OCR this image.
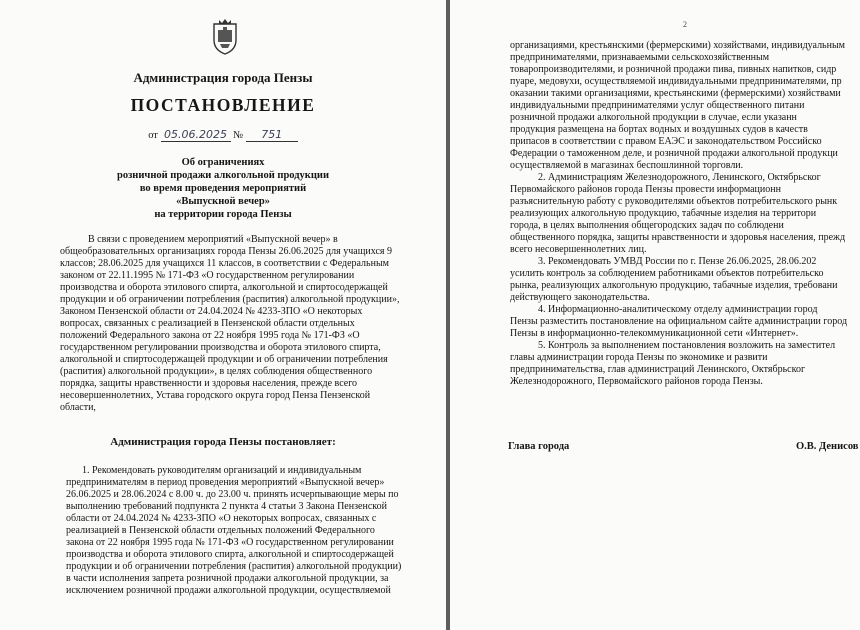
Администрация города Пензы
ПОСТАНОВЛЕНИЕ
от 05.06.2025 № 751
Об ограничениях
розничной продажи алкогольной продукции
во время проведения мероприятий
«Выпускной вечер»
на территории города Пензы
В связи с проведением мероприятий «Выпускной вечер» в
общеобразовательных организациях города Пензы 26.06.2025 для учащихся 9
классов; 28.06.2025 для учащихся 11 классов, в соответствии с Федеральным
законом от 22.11.1995 № 171-ФЗ «О государственном регулировании
производства и оборота этилового спирта, алкогольной и спиртосодержащей
продукции и об ограничении потребления (распития) алкогольной продукции»,
Законом Пензенской области от 24.04.2024 № 4233-ЗПО «О некоторых
вопросах, связанных с реализацией в Пензенской области отдельных
положений Федерального закона от 22 ноября 1995 года № 171-ФЗ «О
государственном регулировании производства и оборота этилового спирта,
алкогольной и спиртосодержащей продукции и об ограничении потребления
(распития) алкогольной продукции», в целях соблюдения общественного
порядка, защиты нравственности и здоровья населения, прежде всего
несовершеннолетних, Устава городского округа город Пенза Пензенской
области,
Администрация города Пензы постановляет:
1. Рекомендовать руководителям организаций и индивидуальным
предпринимателям в период проведения мероприятий «Выпускной вечер»
26.06.2025 и 28.06.2024 с 8.00 ч. до 23.00 ч. принять исчерпывающие меры по
выполнению требований подпункта 2 пункта 4 статьи 3 Закона Пензенской
области от 24.04.2024 № 4233-ЗПО «О некоторых вопросах, связанных с
реализацией в Пензенской области отдельных положений Федерального
закона от 22 ноября 1995 года № 171-ФЗ «О государственном регулировании
производства и оборота этилового спирта, алкогольной и спиртосодержащей
продукции и об ограничении потребления (распития) алкогольной продукции)
в части исполнения запрета розничной продажи алкогольной продукции, за
исключением розничной продажи алкогольной продукции, осуществляемой
2
организациями, крестьянскими (фермерскими) хозяйствами, индивидуальным
предпринимателями, признаваемыми сельскохозяйственным
товаропроизводителями, и розничной продажи пива, пивных напитков, сидр
пуаре, медовухи, осуществляемой индивидуальными предпринимателями, пр
оказании такими организациями, крестьянскими (фермерскими) хозяйствами
индивидуальными предпринимателями услуг общественного питани
розничной продажи алкогольной продукции в случае, если указанн
продукция размещена на бортах водных и воздушных судов в качеств
припасов в соответствии с правом ЕАЭС и законодательством Российско
Федерации о таможенном деле, и розничной продажи алкогольной продукци
осуществляемой в магазинах беспошлинной торговли.
2. Администрациям Железнодорожного, Ленинского, Октябрьског
Первомайского районов города Пензы провести информационн
разъяснительную работу с руководителями объектов потребительского рынк
реализующих алкогольную продукцию, табачные изделия на территори
города, в целях выполнения общегородских задач по соблюдени
общественного порядка, защиты нравственности и здоровья населения, прежд
всего несовершеннолетних лиц.
3. Рекомендовать УМВД России по г. Пензе 26.06.2025, 28.06.202
усилить контроль за соблюдением работниками объектов потребительско
рынка, реализующих алкогольную продукцию, табачные изделия, требовани
действующего законодательства.
4. Информационно-аналитическому отделу администрации город
Пензы разместить постановление на официальном сайте администрации город
Пензы в информационно-телекоммуникационной сети «Интернет».
5. Контроль за выполнением постановления возложить на заместител
главы администрации города Пензы по экономике и развити
предпринимательства, глав администраций Ленинского, Октябрьског
Железнодорожного, Первомайского районов города Пензы.
Глава города	О.В. Денисов
